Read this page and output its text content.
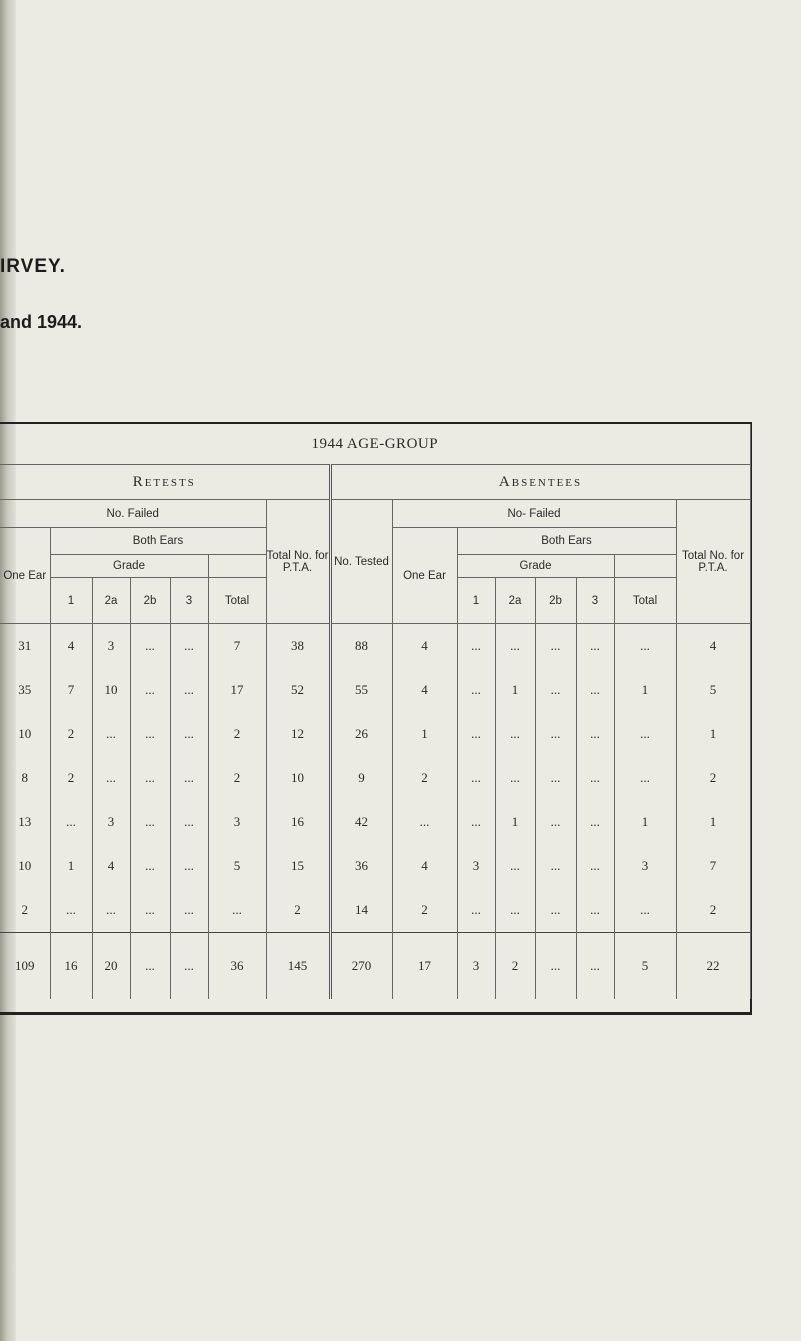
IRVEY.
and 1944.
1944 AGE-GROUP														
Retests							Absentees							
No. Failed						Total No. for P.T.A.	No. Tested	No- Failed						Total No. for P.T.A.
One Ear	Both Ears							One Ear	Both Ears					
	Grade								Grade					
	1	2a	2b	3	Total				1	2a	2b	3	Total	
31	4	3	...	...	7	38	88	4	...	...	...	...	...	4
35	7	10	...	...	17	52	55	4	...	1	...	...	1	5
10	2	...	...	...	2	12	26	1	...	...	...	...	...	1
8	2	...	...	...	2	10	9	2	...	...	...	...	...	2
13	...	3	...	...	3	16	42	...	...	1	...	...	1	1
10	1	4	...	...	5	15	36	4	3	...	...	...	3	7
2	...	...	...	...	...	2	14	2	...	...	...	...	...	2
109	16	20	...	...	36	145	270	17	3	2	...	...	5	22
